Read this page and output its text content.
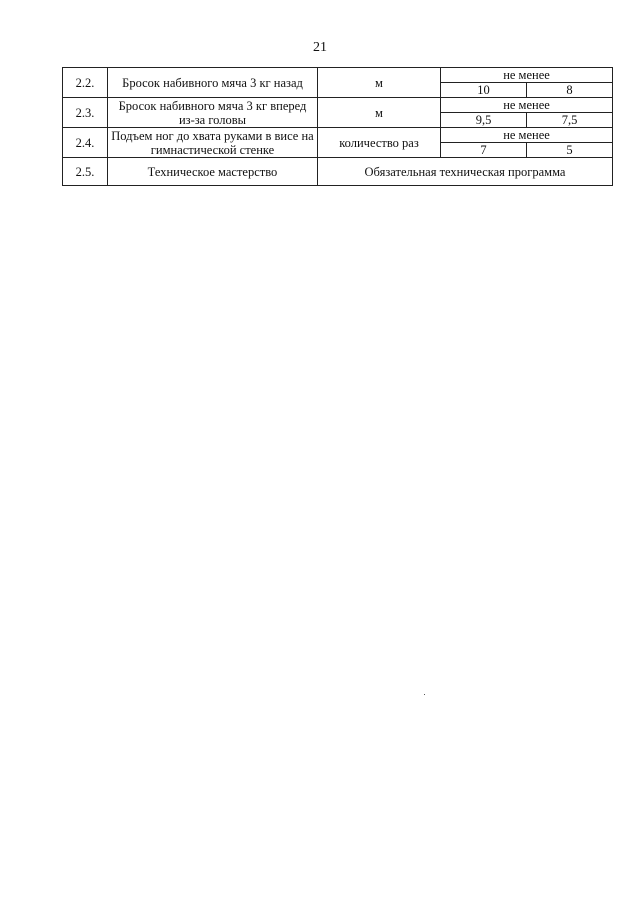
21
2.2.	Бросок набивного мяча 3 кг назад	м	не менее	
			10	8
2.3.	Бросок набивного мяча 3 кг вперед из-за головы	м	не менее	
			9,5	7,5
2.4.	Подъем ног до хвата руками в висе на гимнастической стенке	количество раз	не менее	
			7	5
2.5.	Техническое мастерство	Обязательная техническая программа		
